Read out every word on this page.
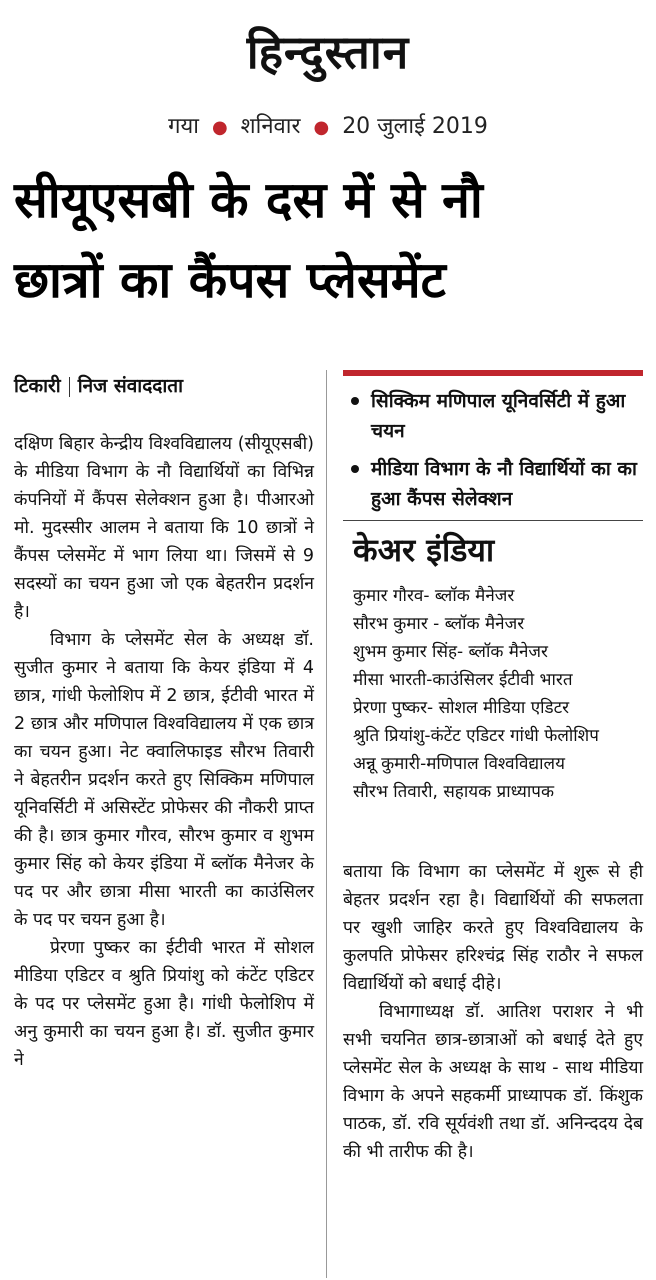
हिन्दुस्तान
गया ● शनिवार ● 20 जुलाई 2019
सीयूएसबी के दस में से नौ
छात्रों का कैंपस प्लेसमेंट
टिकारी निज संवाददाता

दक्षिण बिहार केन्द्रीय विश्वविद्यालय (सीयूएसबी) के मीडिया विभाग के नौ विद्यार्थियों का विभिन्न कंपनियों में कैंपस सेलेक्शन हुआ है। पीआरओ मो. मुदस्सीर आलम ने बताया कि 10 छात्रों ने कैंपस प्लेसमेंट में भाग लिया था। जिसमें से 9 सदस्यों का चयन हुआ जो एक बेहतरीन प्रदर्शन है।

विभाग के प्लेसमेंट सेल के अध्यक्ष डॉ. सुजीत कुमार ने बताया कि केयर इंडिया में 4 छात्र, गांधी फेलोशिप में 2 छात्र, ईटीवी भारत में 2 छात्र और मणिपाल विश्वविद्यालय में एक छात्र का चयन हुआ। नेट क्वालिफाइड सौरभ तिवारी ने बेहतरीन प्रदर्शन करते हुए सिक्किम मणिपाल यूनिवर्सिटी में असिस्टेंट प्रोफेसर की नौकरी प्राप्त की है। छात्र कुमार गौरव, सौरभ कुमार व शुभम कुमार सिंह को केयर इंडिया में ब्लॉक मैनेजर के पद पर और छात्रा मीसा भारती का काउंसिलर के पद पर चयन हुआ है।

प्रेरणा पुष्कर का ईटीवी भारत में सोशल मीडिया एडिटर व श्रुति प्रियांशु को कंटेंट एडिटर के पद पर प्लेसमेंट हुआ है। गांधी फेलोशिप में अनु कुमारी का चयन हुआ है। डॉ. सुजीत कुमार ने

सिक्किम मणिपाल यूनिवर्सिटी में हुआ चयन
मीडिया विभाग के नौ विद्यार्थियों का का हुआ कैंपस सेलेक्शन
केअर इंडिया
कुमार गौरव- ब्लॉक मैनेजर
सौरभ कुमार - ब्लॉक मैनेजर
शुभम कुमार सिंह- ब्लॉक मैनेजर
मीसा भारती-काउंसिलर ईटीवी भारत
प्रेरणा पुष्कर- सोशल मीडिया एडिटर
श्रुति प्रियांशु-कंटेंट एडिटर गांधी फेलोशिप
अन्नू कुमारी-मणिपाल विश्वविद्यालय
सौरभ तिवारी, सहायक प्राध्यापक

बताया कि विभाग का प्लेसमेंट में शुरू से ही बेहतर प्रदर्शन रहा है। विद्यार्थियों की सफलता पर खुशी जाहिर करते हुए विश्वविद्यालय के कुलपति प्रोफेसर हरिश्चंद्र सिंह राठौर ने सफल विद्यार्थियों को बधाई दीहे।

विभागाध्यक्ष डॉ. आतिश पराशर ने भी सभी चयनित छात्र-छात्राओं को बधाई देते हुए प्लेसमेंट सेल के अध्यक्ष के साथ - साथ मीडिया विभाग के अपने सहकर्मी प्राध्यापक डॉ. किंशुक पाठक, डॉ. रवि सूर्यवंशी तथा डॉ. अनिन्ददय देब की भी तारीफ की है।
